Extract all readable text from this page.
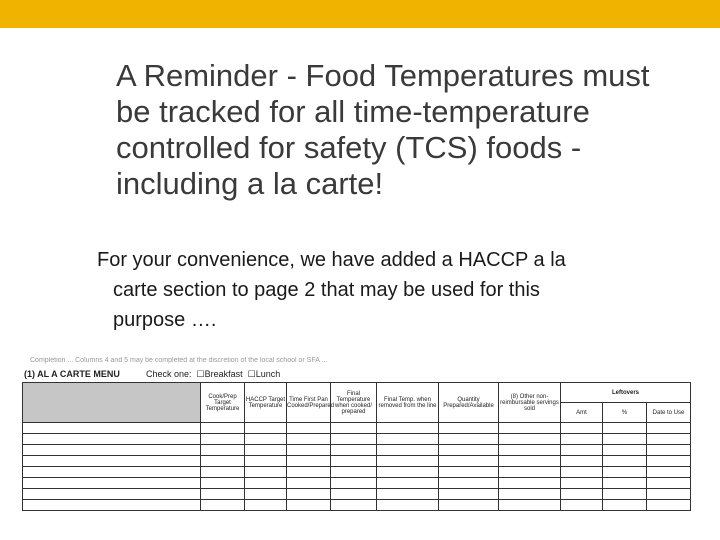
A Reminder - Food Temperatures must be tracked for all time-temperature controlled for safety (TCS) foods - including a la carte!
For your convenience, we have added a HACCP a la
carte section to page 2 that may be used for this
purpose ….
Completion ... Columns 4 and 5 may be completed at the discretion of the local school or SFA ...
(1) AL A CARTE MENU	Check one: ☐Breakfast ☐Lunch
	Cook/Prep Target Temperature	HACCP Target Temperature	Time First Pan Cooked/Prepared	Final Temperature when cooked/ prepared	Final Temp. when removed from the line	Quantity Prepared/Available	(8) Other non-reimbursable servings sold	Leftovers		
								Amt	%	Date to Use
